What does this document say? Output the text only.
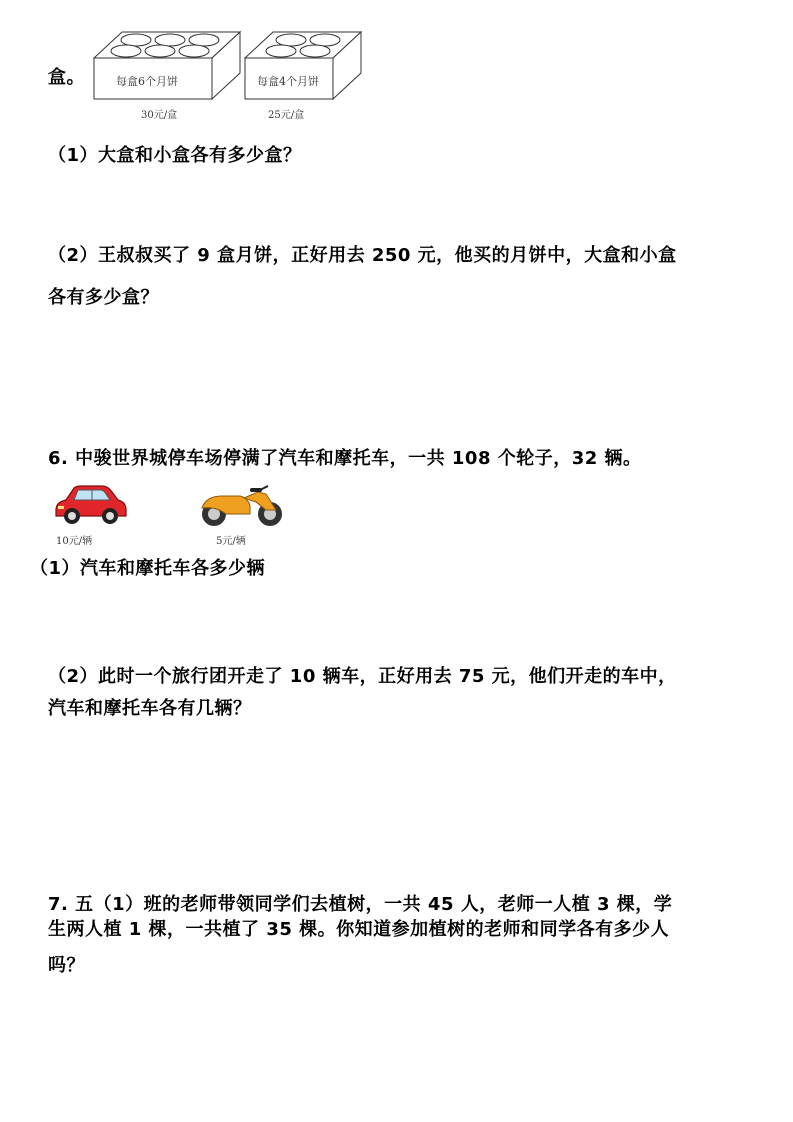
盒。	每盒6个月饼
30元/盒
每盒4个月饼
25元/盒
（1）大盒和小盒各有多少盒？
（2）王叔叔买了 9 盒月饼，正好用去 250 元，他买的月饼中，大盒和小盒
各有多少盒？
6. 中骏世界城停车场停满了汽车和摩托车，一共 108 个轮子，32 辆。
10元/辆	5元/辆
（1）汽车和摩托车各多少辆
（2）此时一个旅行团开走了 10 辆车，正好用去 75 元，他们开走的车中，
汽车和摩托车各有几辆？
7. 五（1）班的老师带领同学们去植树，一共 45 人，老师一人植 3 棵，学
生两人植 1 棵，一共植了 35 棵。你知道参加植树的老师和同学各有多少人
吗？
